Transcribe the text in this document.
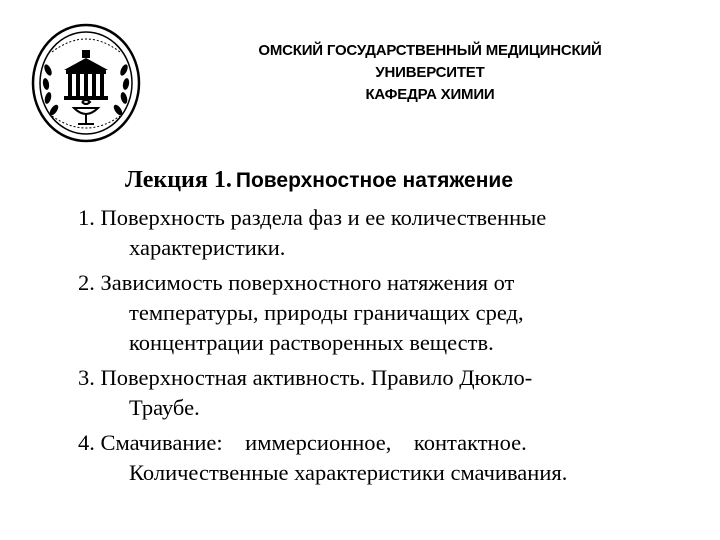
ОМСКИЙ ГОСУДАРСТВЕННЫЙ МЕДИЦИНСКИЙ
УНИВЕРСИТЕТ
КАФЕДРА ХИМИИ
Лекция 1. Поверхностное натяжение
1. Поверхность раздела фаз и ее количественные
характеристики.
2. Зависимость поверхностного натяжения от
температуры, природы граничащих сред,
концентрации растворенных веществ.
3. Поверхностная активность. Правило Дюкло-
Траубе.
4. Смачивание:    иммерсионное,    контактное.
Количественные характеристики смачивания.
